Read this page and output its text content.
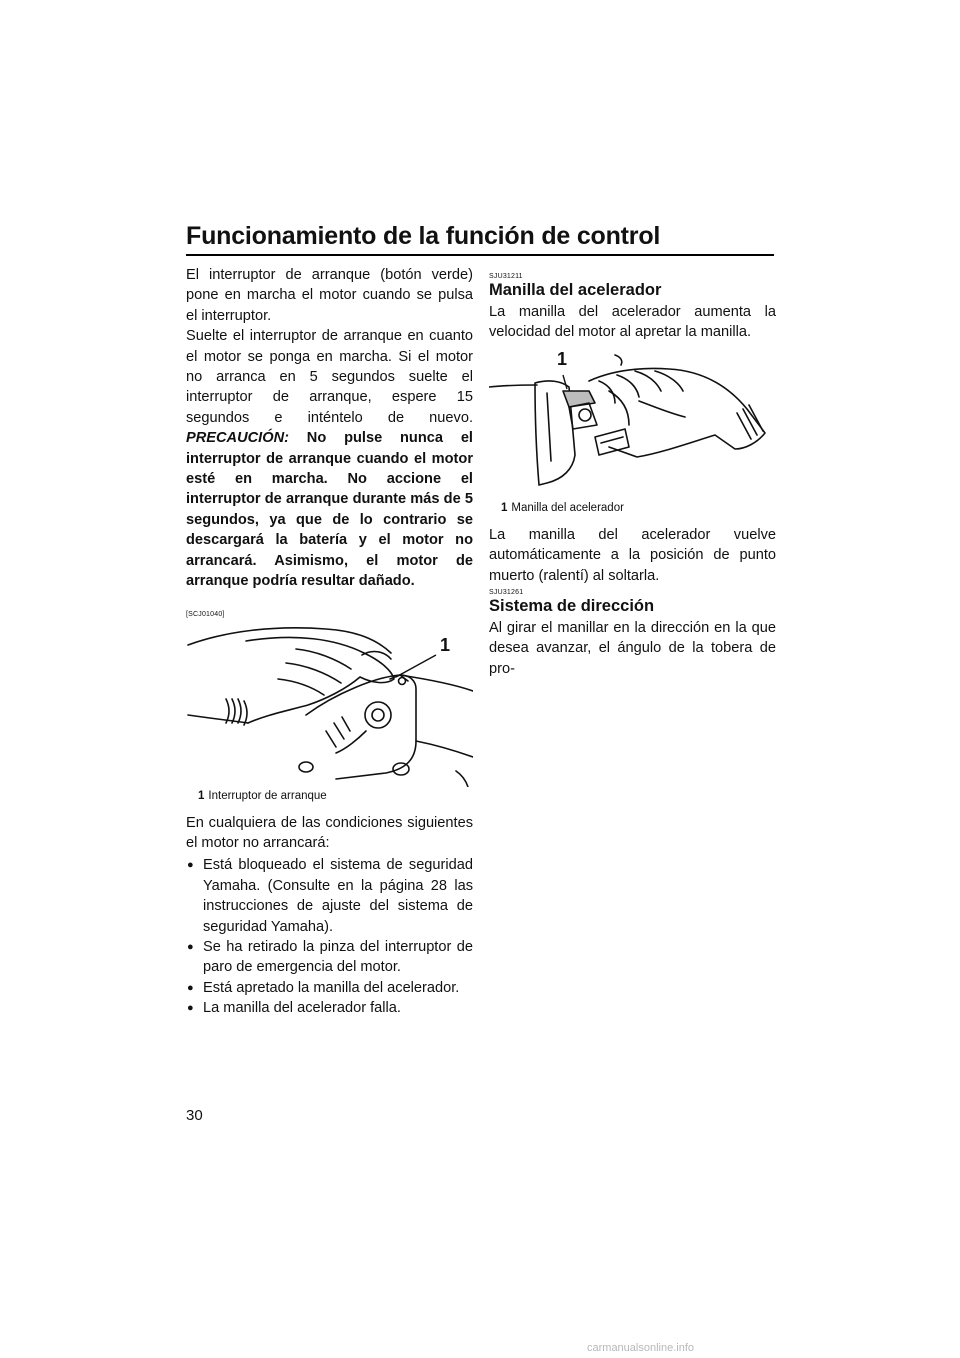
Funcionamiento de la función de control

El interruptor de arranque (botón verde) pone en marcha el motor cuando se pulsa el interruptor.

Suelte el interruptor de arranque en cuanto el motor se ponga en marcha. Si el motor no arranca en 5 segundos suelte el interruptor de arranque, espere 15 segundos e inténtelo de nuevo. PRECAUCIÓN: No pulse nunca el interruptor de arranque cuando el motor esté en marcha. No accione el interruptor de arranque durante más de 5 segundos, ya que de lo contrario se descargará la batería y el motor no arrancará. Asimismo, el motor de arranque podría resultar dañado.

[SCJ01040]
1
1 Interruptor de arranque

En cualquiera de las condiciones siguientes el motor no arrancará:

● Está bloqueado el sistema de seguridad Yamaha. (Consulte en la página 28 las instrucciones de ajuste del sistema de seguridad Yamaha).
● Se ha retirado la pinza del interruptor de paro de emergencia del motor.
● Está apretado la manilla del acelerador.
● La manilla del acelerador falla.
SJU31211
Manilla del acelerador

La manilla del acelerador aumenta la velocidad del motor al apretar la manilla.

1
1 Manilla del acelerador

La manilla del acelerador vuelve automáticamente a la posición de punto muerto (ralentí) al soltarla.

SJU31261
Sistema de dirección

Al girar el manillar en la dirección en la que desea avanzar, el ángulo de la tobera de pro-

30
carmanualsonline.info
